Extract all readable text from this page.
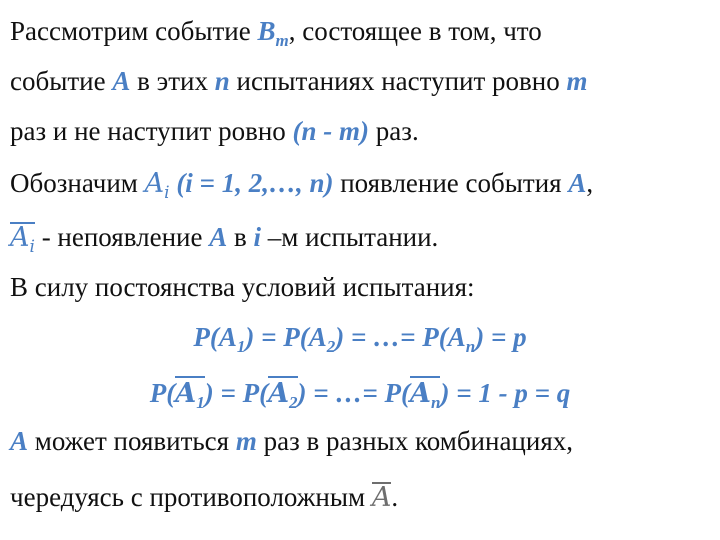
Рассмотрим событие $B_m$, состоящее в том, что
событие A в этих n испытаниях наступит ровно m
раз и не наступит ровно (n - m) раз.
Обозначим $A_i$ (i = 1, 2,…, n) появление события A,
$A_i$ - непоявление A в i –м испытании.
В силу постоянства условий испытания:
$P(A_1) = P(A_2)$ = …= $P(A_n) = p$
$P(A_1) = P(A_2)$ = …= $P(A_n) = 1 - p = q$
A может появиться m раз в разных комбинациях,
чередуясь с противоположным A.
